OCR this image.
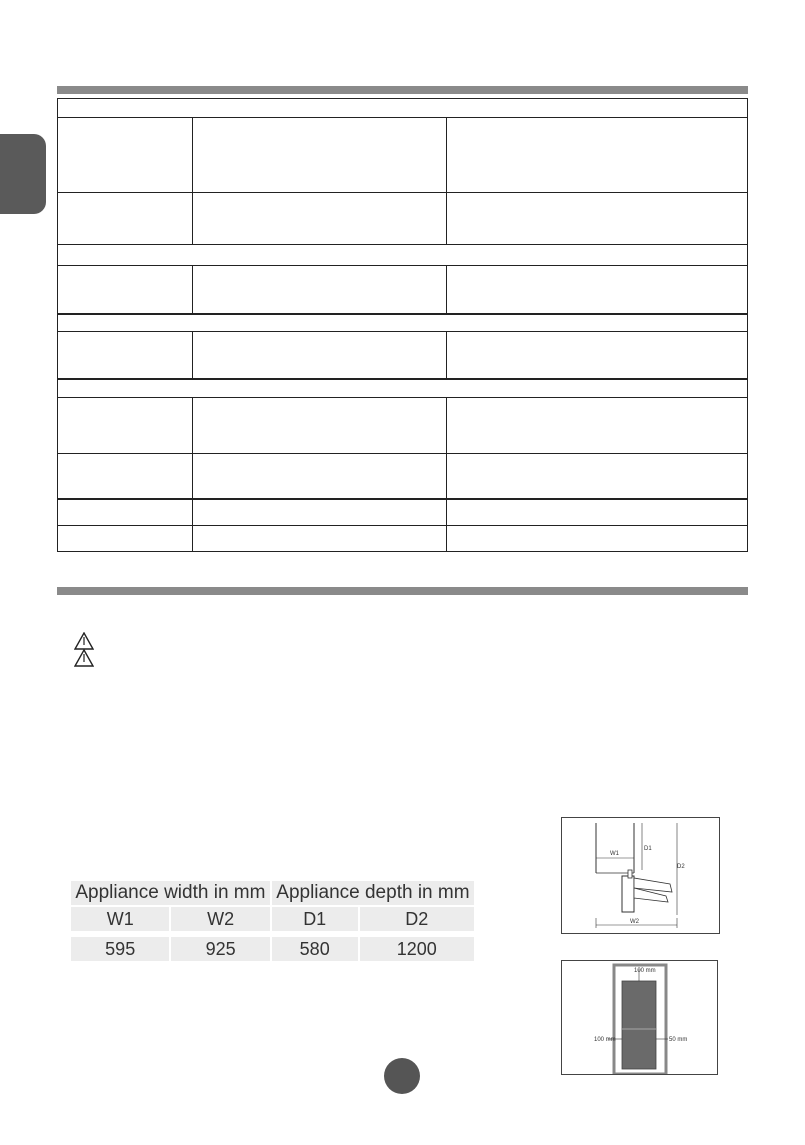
Appliance width in mm		Appliance depth in mm	
W1	W2	D1	D2

595	925	580	1200
W1
D1
D2
W2
100 mm
100 mm	50 mm
